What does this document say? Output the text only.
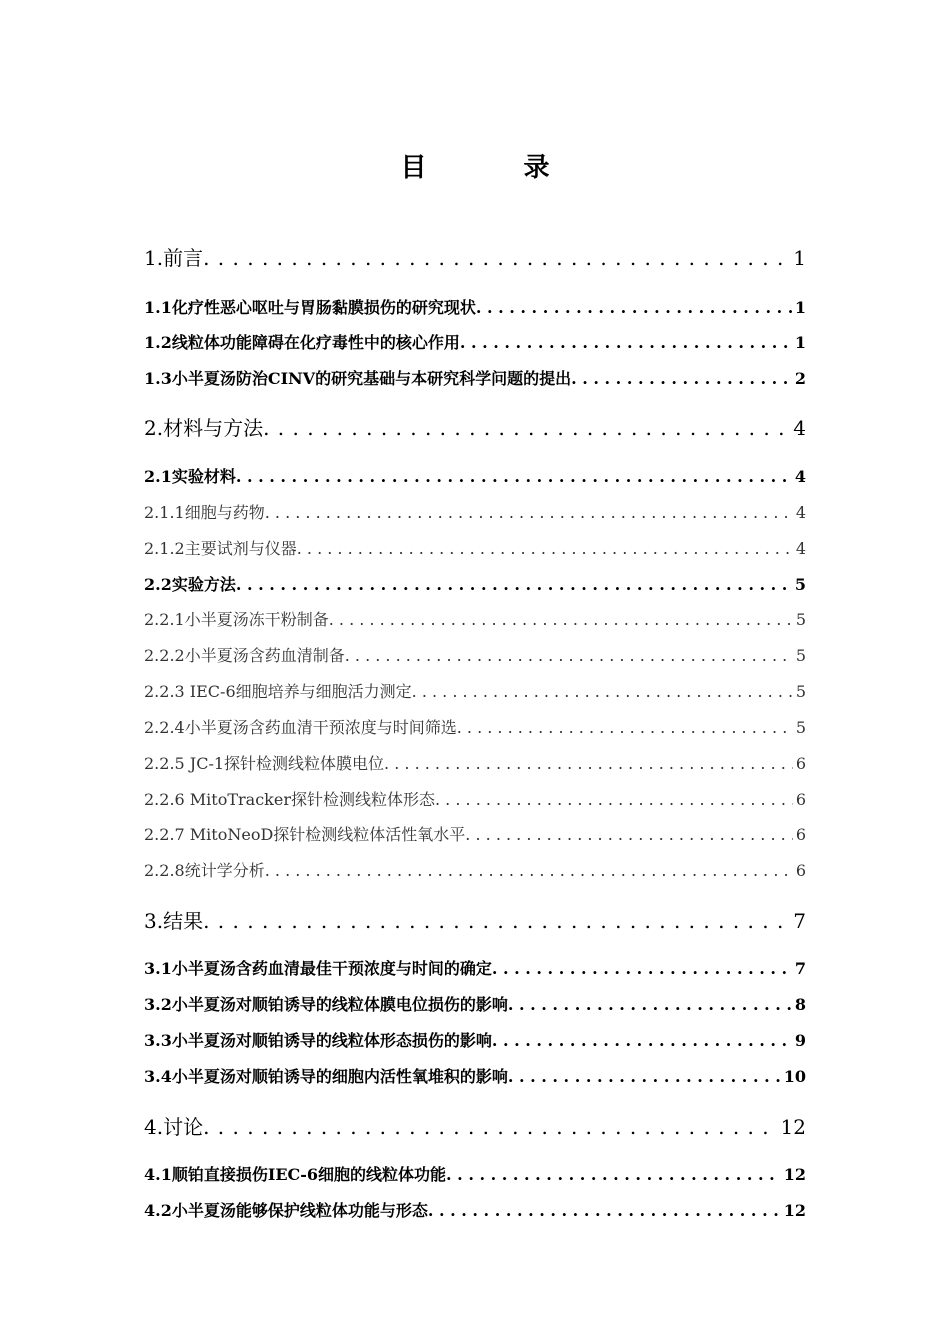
目 录
1.前言 . . .	1
1.1化疗性恶心呕吐与胃肠黏膜损伤的研究现状 . . .	1
1.2线粒体功能障碍在化疗毒性中的核心作用 . . .	1
1.3小半夏汤防治CINV的研究基础与本研究科学问题的提出 . . .	2
2.材料与方法 . . .	4
2.1实验材料 . . .	4
2.1.1细胞与药物 . . .	4
2.1.2主要试剂与仪器 . . .	4
2.2实验方法 . . .	5
2.2.1小半夏汤冻干粉制备 . . .	5
2.2.2小半夏汤含药血清制备 . . .	5
2.2.3 IEC-6细胞培养与细胞活力测定 . . .	5
2.2.4小半夏汤含药血清干预浓度与时间筛选 . . .	5
2.2.5 JC-1探针检测线粒体膜电位 . . .	6
2.2.6 MitoTracker探针检测线粒体形态 . . .	6
2.2.7 MitoNeoD探针检测线粒体活性氧水平 . . .	6
2.2.8统计学分析 . . .	6
3.结果 . . .	7
3.1小半夏汤含药血清最佳干预浓度与时间的确定 . . .	7
3.2小半夏汤对顺铂诱导的线粒体膜电位损伤的影响 . . .	8
3.3小半夏汤对顺铂诱导的线粒体形态损伤的影响 . . .	9
3.4小半夏汤对顺铂诱导的细胞内活性氧堆积的影响 . . .	10
4.讨论 . . .	12
4.1顺铂直接损伤IEC-6细胞的线粒体功能 . . .	12
4.2小半夏汤能够保护线粒体功能与形态 . . .	12
